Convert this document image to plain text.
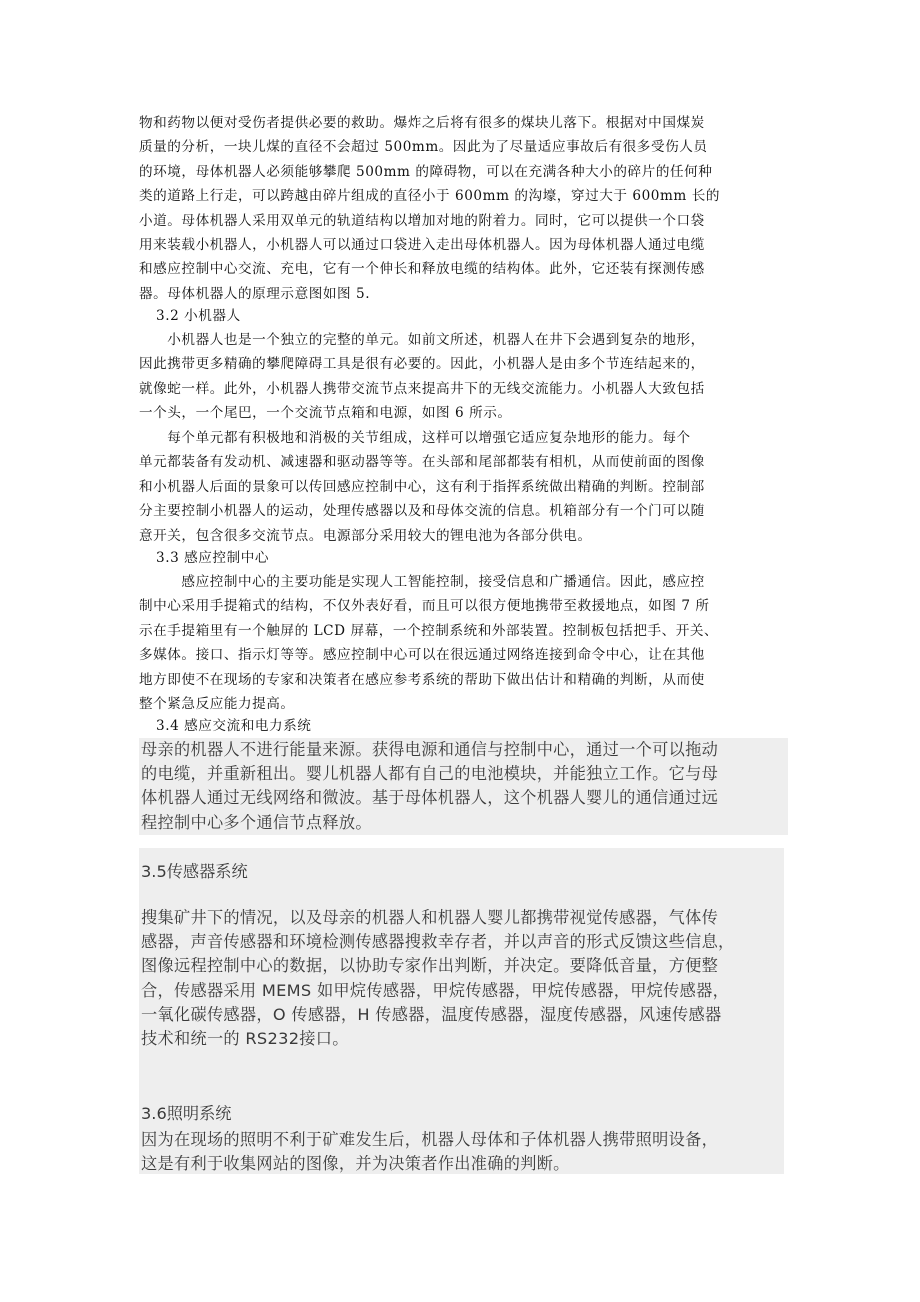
物和药物以便对受伤者提供必要的救助。爆炸之后将有很多的煤块儿落下。根据对中国煤炭
质量的分析，一块儿煤的直径不会超过 500mm。因此为了尽量适应事故后有很多受伤人员
的环境，母体机器人必须能够攀爬 500mm 的障碍物，可以在充满各种大小的碎片的任何种
类的道路上行走，可以跨越由碎片组成的直径小于 600mm 的沟壕，穿过大于 600mm 长的
小道。母体机器人采用双单元的轨道结构以增加对地的附着力。同时，它可以提供一个口袋
用来装载小机器人，小机器人可以通过口袋进入走出母体机器人。因为母体机器人通过电缆
和感应控制中心交流、充电，它有一个伸长和释放电缆的结构体。此外，它还装有探测传感
器。母体机器人的原理示意图如图 5.
3.2 小机器人
　　小机器人也是一个独立的完整的单元。如前文所述，机器人在井下会遇到复杂的地形，
因此携带更多精确的攀爬障碍工具是很有必要的。因此，小机器人是由多个节连结起来的，
就像蛇一样。此外，小机器人携带交流节点来提高井下的无线交流能力。小机器人大致包括
一个头，一个尾巴，一个交流节点箱和电源，如图 6 所示。
　　每个单元都有积极地和消极的关节组成，这样可以增强它适应复杂地形的能力。每个
单元都装备有发动机、减速器和驱动器等等。在头部和尾部都装有相机，从而使前面的图像
和小机器人后面的景象可以传回感应控制中心，这有利于指挥系统做出精确的判断。控制部
分主要控制小机器人的运动，处理传感器以及和母体交流的信息。机箱部分有一个门可以随
意开关，包含很多交流节点。电源部分采用较大的锂电池为各部分供电。
3.3 感应控制中心
　　　感应控制中心的主要功能是实现人工智能控制，接受信息和广播通信。因此，感应控
制中心采用手提箱式的结构，不仅外表好看，而且可以很方便地携带至救援地点，如图 7 所
示在手提箱里有一个触屏的 LCD 屏幕，一个控制系统和外部装置。控制板包括把手、开关、
多媒体。接口、指示灯等等。感应控制中心可以在很远通过网络连接到命令中心，让在其他
地方即使不在现场的专家和决策者在感应参考系统的帮助下做出估计和精确的判断，从而使
整个紧急反应能力提高。
3.4 感应交流和电力系统
母亲的机器人不进行能量来源。获得电源和通信与控制中心，通过一个可以拖动
的电缆，并重新租出。婴儿机器人都有自己的电池模块，并能独立工作。它与母
体机器人通过无线网络和微波。基于母体机器人，这个机器人婴儿的通信通过远
程控制中心多个通信节点释放。
3.5传感器系统
搜集矿井下的情况，以及母亲的机器人和机器人婴儿都携带视觉传感器，气体传
感器，声音传感器和环境检测传感器搜救幸存者，并以声音的形式反馈这些信息，
图像远程控制中心的数据，以协助专家作出判断，并决定。要降低音量，方便整
合，传感器采用 MEMS 如甲烷传感器，甲烷传感器，甲烷传感器，甲烷传感器，
一氧化碳传感器，O 传感器，H 传感器，温度传感器，湿度传感器，风速传感器
技术和统一的 RS232接口。
3.6照明系统
因为在现场的照明不利于矿难发生后，机器人母体和子体机器人携带照明设备，
这是有利于收集网站的图像，并为决策者作出准确的判断。
